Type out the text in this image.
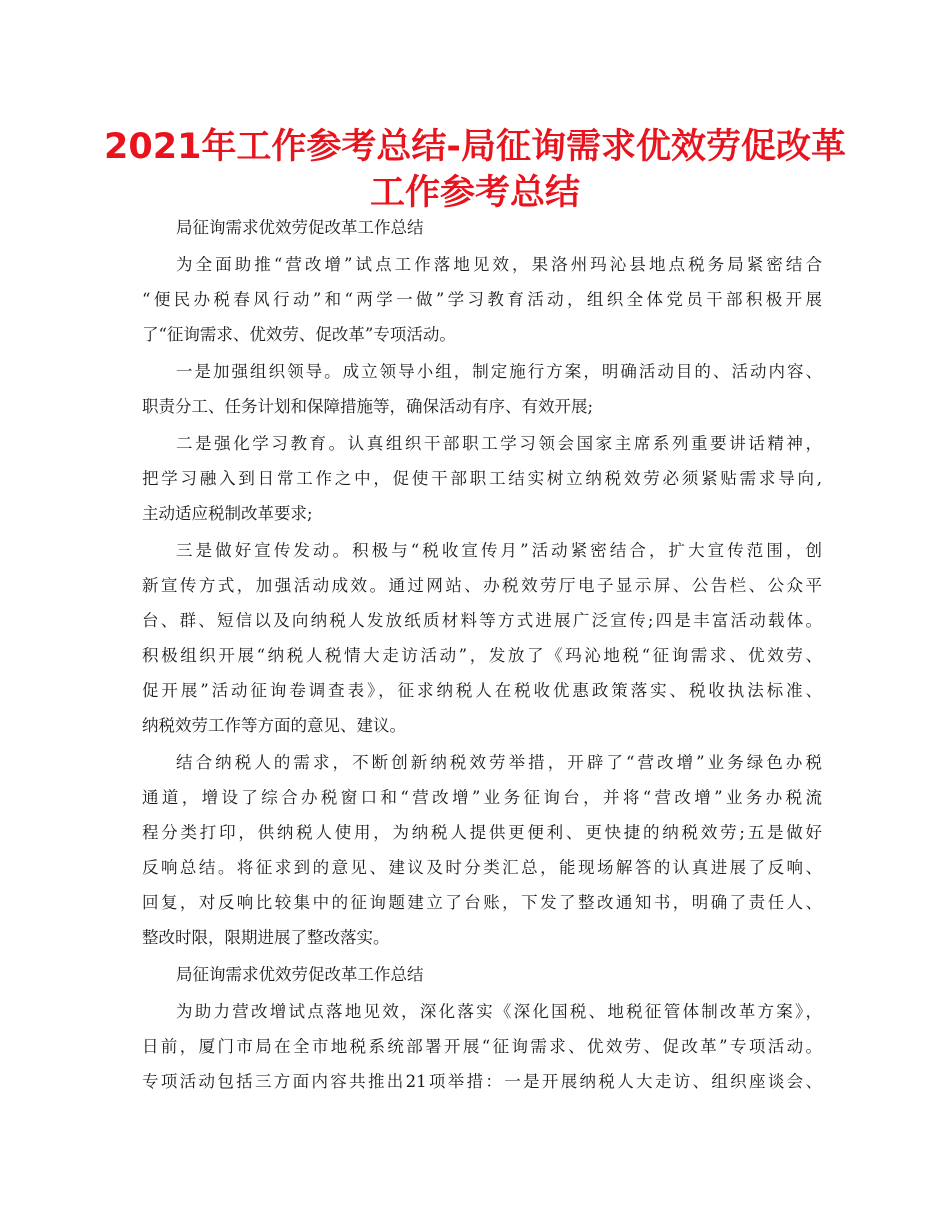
2021年工作参考总结-局征询需求优效劳促改革
工作参考总结

局征询需求优效劳促改革工作总结

为全面助推“营改增”试点工作落地见效，果洛州玛沁县地点税务局紧密结合

“便民办税春风行动”和“两学一做”学习教育活动，组织全体党员干部积极开展

了“征询需求、优效劳、促改革”专项活动。

一是加强组织领导。成立领导小组，制定施行方案，明确活动目的、活动内容、

职责分工、任务计划和保障措施等，确保活动有序、有效开展;

二是强化学习教育。认真组织干部职工学习领会国家主席系列重要讲话精神，

把学习融入到日常工作之中，促使干部职工结实树立纳税效劳必须紧贴需求导向,

主动适应税制改革要求;

三是做好宣传发动。积极与“税收宣传月”活动紧密结合，扩大宣传范围，创

新宣传方式，加强活动成效。通过网站、办税效劳厅电子显示屏、公告栏、公众平

台、群、短信以及向纳税人发放纸质材料等方式进展广泛宣传;四是丰富活动载体。

积极组织开展“纳税人税情大走访活动”，发放了《玛沁地税“征询需求、优效劳、

促开展”活动征询卷调查表》，征求纳税人在税收优惠政策落实、税收执法标准、

纳税效劳工作等方面的意见、建议。

结合纳税人的需求，不断创新纳税效劳举措，开辟了“营改增”业务绿色办税

通道，增设了综合办税窗口和“营改增”业务征询台，并将“营改增”业务办税流

程分类打印，供纳税人使用，为纳税人提供更便利、更快捷的纳税效劳;五是做好

反响总结。将征求到的意见、建议及时分类汇总，能现场解答的认真进展了反响、

回复，对反响比较集中的征询题建立了台账，下发了整改通知书，明确了责任人、

整改时限，限期进展了整改落实。

局征询需求优效劳促改革工作总结

为助力营改增试点落地见效，深化落实《深化国税、地税征管体制改革方案》，

日前，厦门市局在全市地税系统部署开展“征询需求、优效劳、促改革”专项活动。

专项活动包括三方面内容共推出21项举措：一是开展纳税人大走访、组织座谈会、
